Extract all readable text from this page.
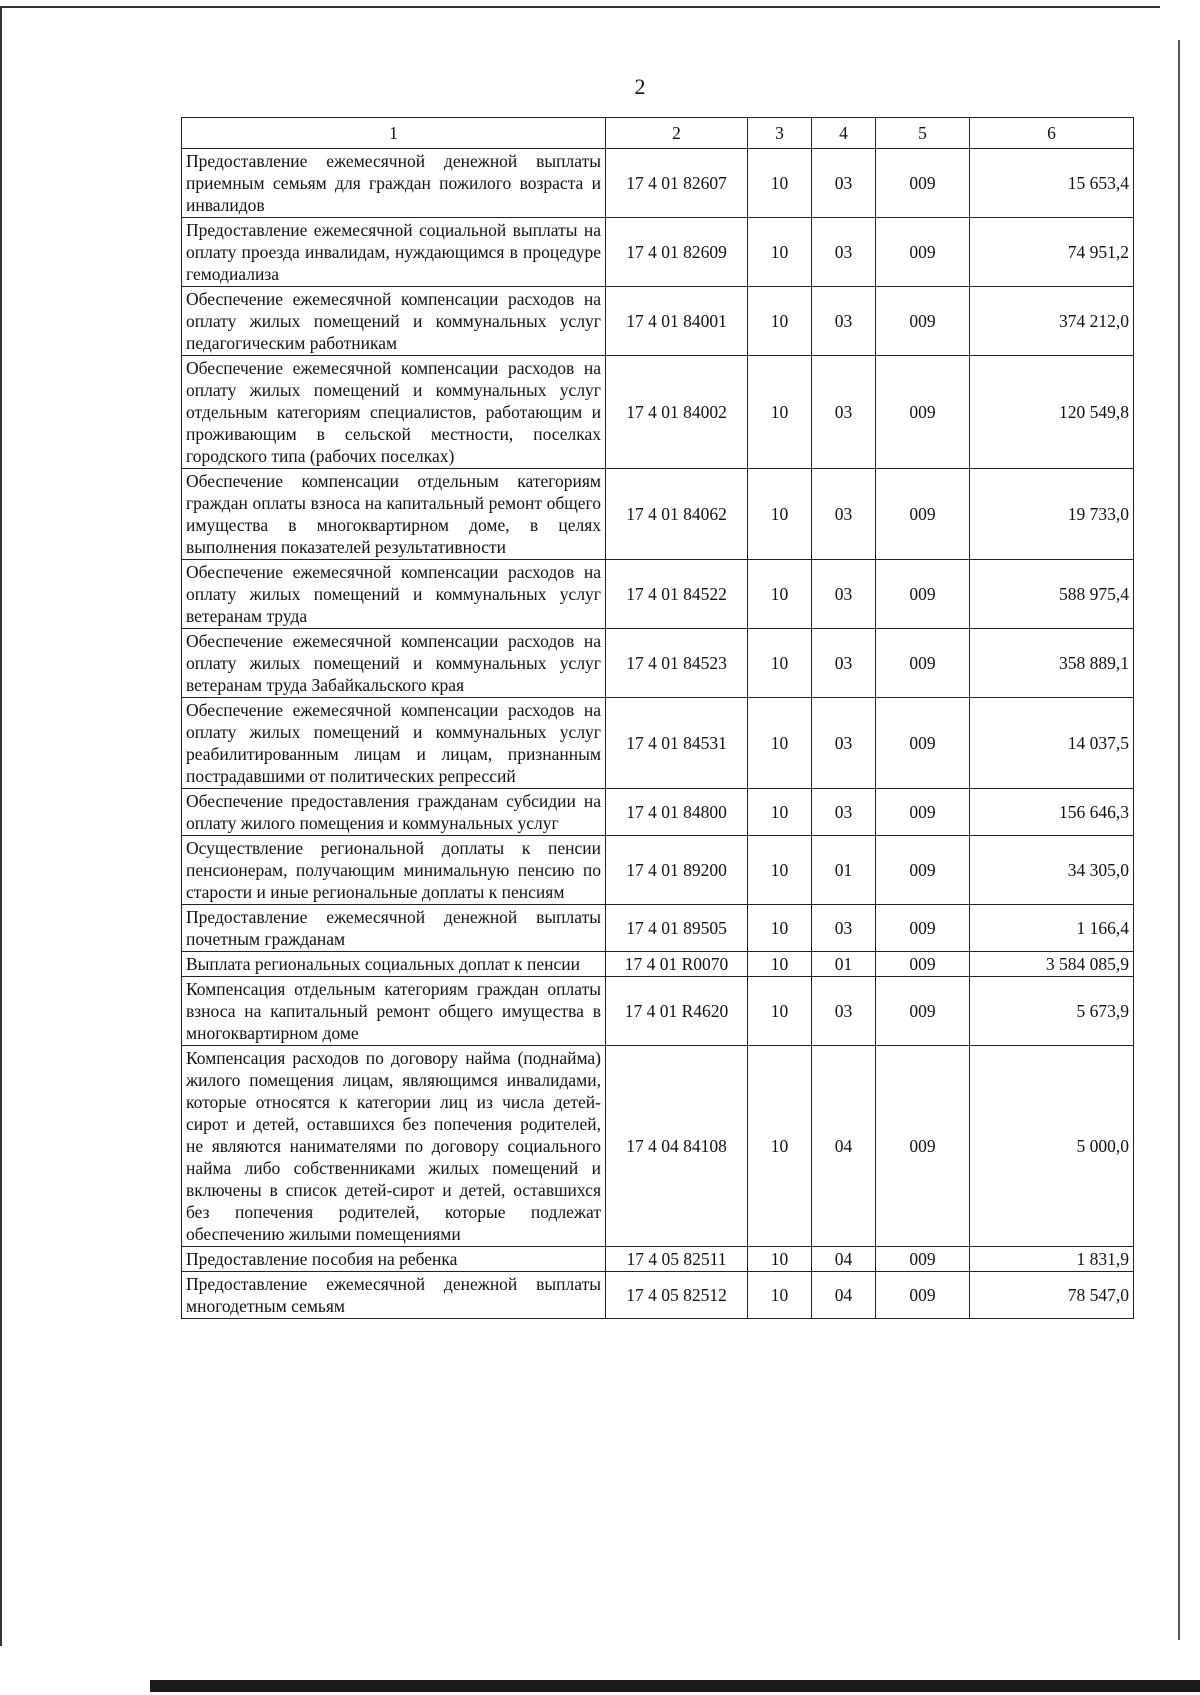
2
1	2	3	4	5	6
Предоставление ежемесячной денежной выплаты приемным семьям для граждан пожилого возраста и инвалидов	17 4 01 82607	10	03	009	15 653,4
Предоставление ежемесячной социальной выплаты на оплату проезда инвалидам, нуждающимся в процедуре гемодиализа	17 4 01 82609	10	03	009	74 951,2
Обеспечение ежемесячной компенсации расходов на оплату жилых помещений и коммунальных услуг педагогическим работникам	17 4 01 84001	10	03	009	374 212,0
Обеспечение ежемесячной компенсации расходов на оплату жилых помещений и коммунальных услуг отдельным категориям специалистов, работающим и проживающим в сельской местности, поселках городского типа (рабочих поселках)	17 4 01 84002	10	03	009	120 549,8
Обеспечение компенсации отдельным категориям граждан оплаты взноса на капитальный ремонт общего имущества в многоквартирном доме, в целях выполнения показателей результативности	17 4 01 84062	10	03	009	19 733,0
Обеспечение ежемесячной компенсации расходов на оплату жилых помещений и коммунальных услуг ветеранам труда	17 4 01 84522	10	03	009	588 975,4
Обеспечение ежемесячной компенсации расходов на оплату жилых помещений и коммунальных услуг ветеранам труда Забайкальского края	17 4 01 84523	10	03	009	358 889,1
Обеспечение ежемесячной компенсации расходов на оплату жилых помещений и коммунальных услуг реабилитированным лицам и лицам, признанным пострадавшими от политических репрессий	17 4 01 84531	10	03	009	14 037,5
Обеспечение предоставления гражданам субсидии на оплату жилого помещения и коммунальных услуг	17 4 01 84800	10	03	009	156 646,3
Осуществление региональной доплаты к пенсии пенсионерам, получающим минимальную пенсию по старости и иные региональные доплаты к пенсиям	17 4 01 89200	10	01	009	34 305,0
Предоставление ежемесячной денежной выплаты почетным гражданам	17 4 01 89505	10	03	009	1 166,4
Выплата региональных социальных доплат к пенсии	17 4 01 R0070	10	01	009	3 584 085,9
Компенсация отдельным категориям граждан оплаты взноса на капитальный ремонт общего имущества в многоквартирном доме	17 4 01 R4620	10	03	009	5 673,9
Компенсация расходов по договору найма (поднайма) жилого помещения лицам, являющимся инвалидами, которые относятся к категории лиц из числа детей-сирот и детей, оставшихся без попечения родителей, не являются нанимателями по договору социального найма либо собственниками жилых помещений и включены в список детей-сирот и детей, оставшихся без попечения родителей, которые подлежат обеспечению жилыми помещениями	17 4 04 84108	10	04	009	5 000,0
Предоставление пособия на ребенка	17 4 05 82511	10	04	009	1 831,9
Предоставление ежемесячной денежной выплаты многодетным семьям	17 4 05 82512	10	04	009	78 547,0
